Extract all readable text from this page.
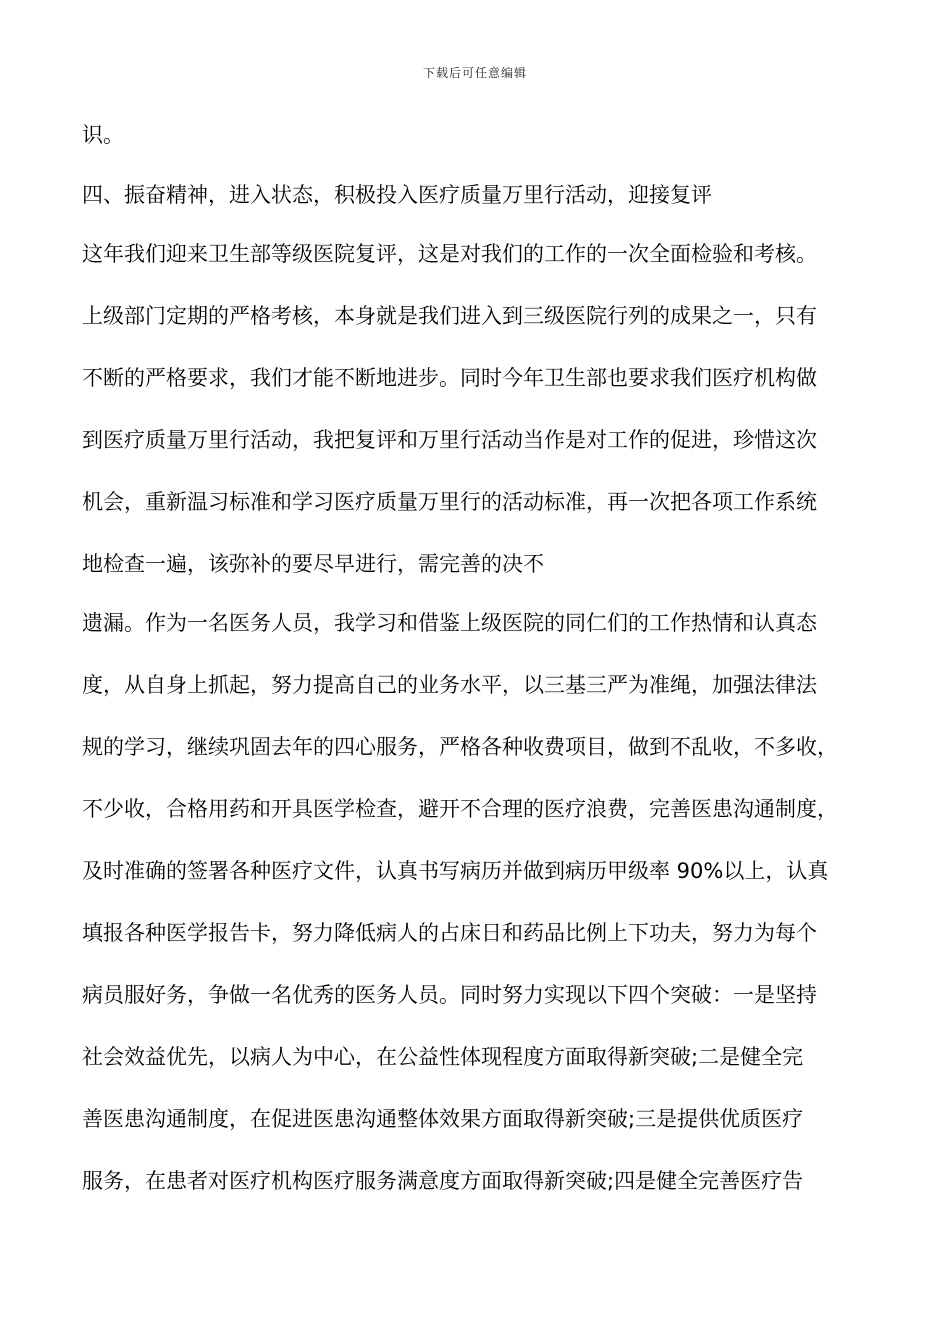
下载后可任意编辑
识。
四、振奋精神，进入状态，积极投入医疗质量万里行活动，迎接复评
这年我们迎来卫生部等级医院复评，这是对我们的工作的一次全面检验和考核。
上级部门定期的严格考核，本身就是我们进入到三级医院行列的成果之一，只有
不断的严格要求，我们才能不断地进步。同时今年卫生部也要求我们医疗机构做
到医疗质量万里行活动，我把复评和万里行活动当作是对工作的促进，珍惜这次
机会，重新温习标准和学习医疗质量万里行的活动标准，再一次把各项工作系统
地检查一遍，该弥补的要尽早进行，需完善的决不
遗漏。作为一名医务人员，我学习和借鉴上级医院的同仁们的工作热情和认真态
度，从自身上抓起，努力提高自己的业务水平，以三基三严为准绳，加强法律法
规的学习，继续巩固去年的四心服务，严格各种收费项目，做到不乱收，不多收，
不少收，合格用药和开具医学检查，避开不合理的医疗浪费，完善医患沟通制度，
及时准确的签署各种医疗文件，认真书写病历并做到病历甲级率 90%以上，认真
填报各种医学报告卡，努力降低病人的占床日和药品比例上下功夫，努力为每个
病员服好务，争做一名优秀的医务人员。同时努力实现以下四个突破：一是坚持
社会效益优先，以病人为中心，在公益性体现程度方面取得新突破;二是健全完
善医患沟通制度，在促进医患沟通整体效果方面取得新突破;三是提供优质医疗
服务，在患者对医疗机构医疗服务满意度方面取得新突破;四是健全完善医疗告
